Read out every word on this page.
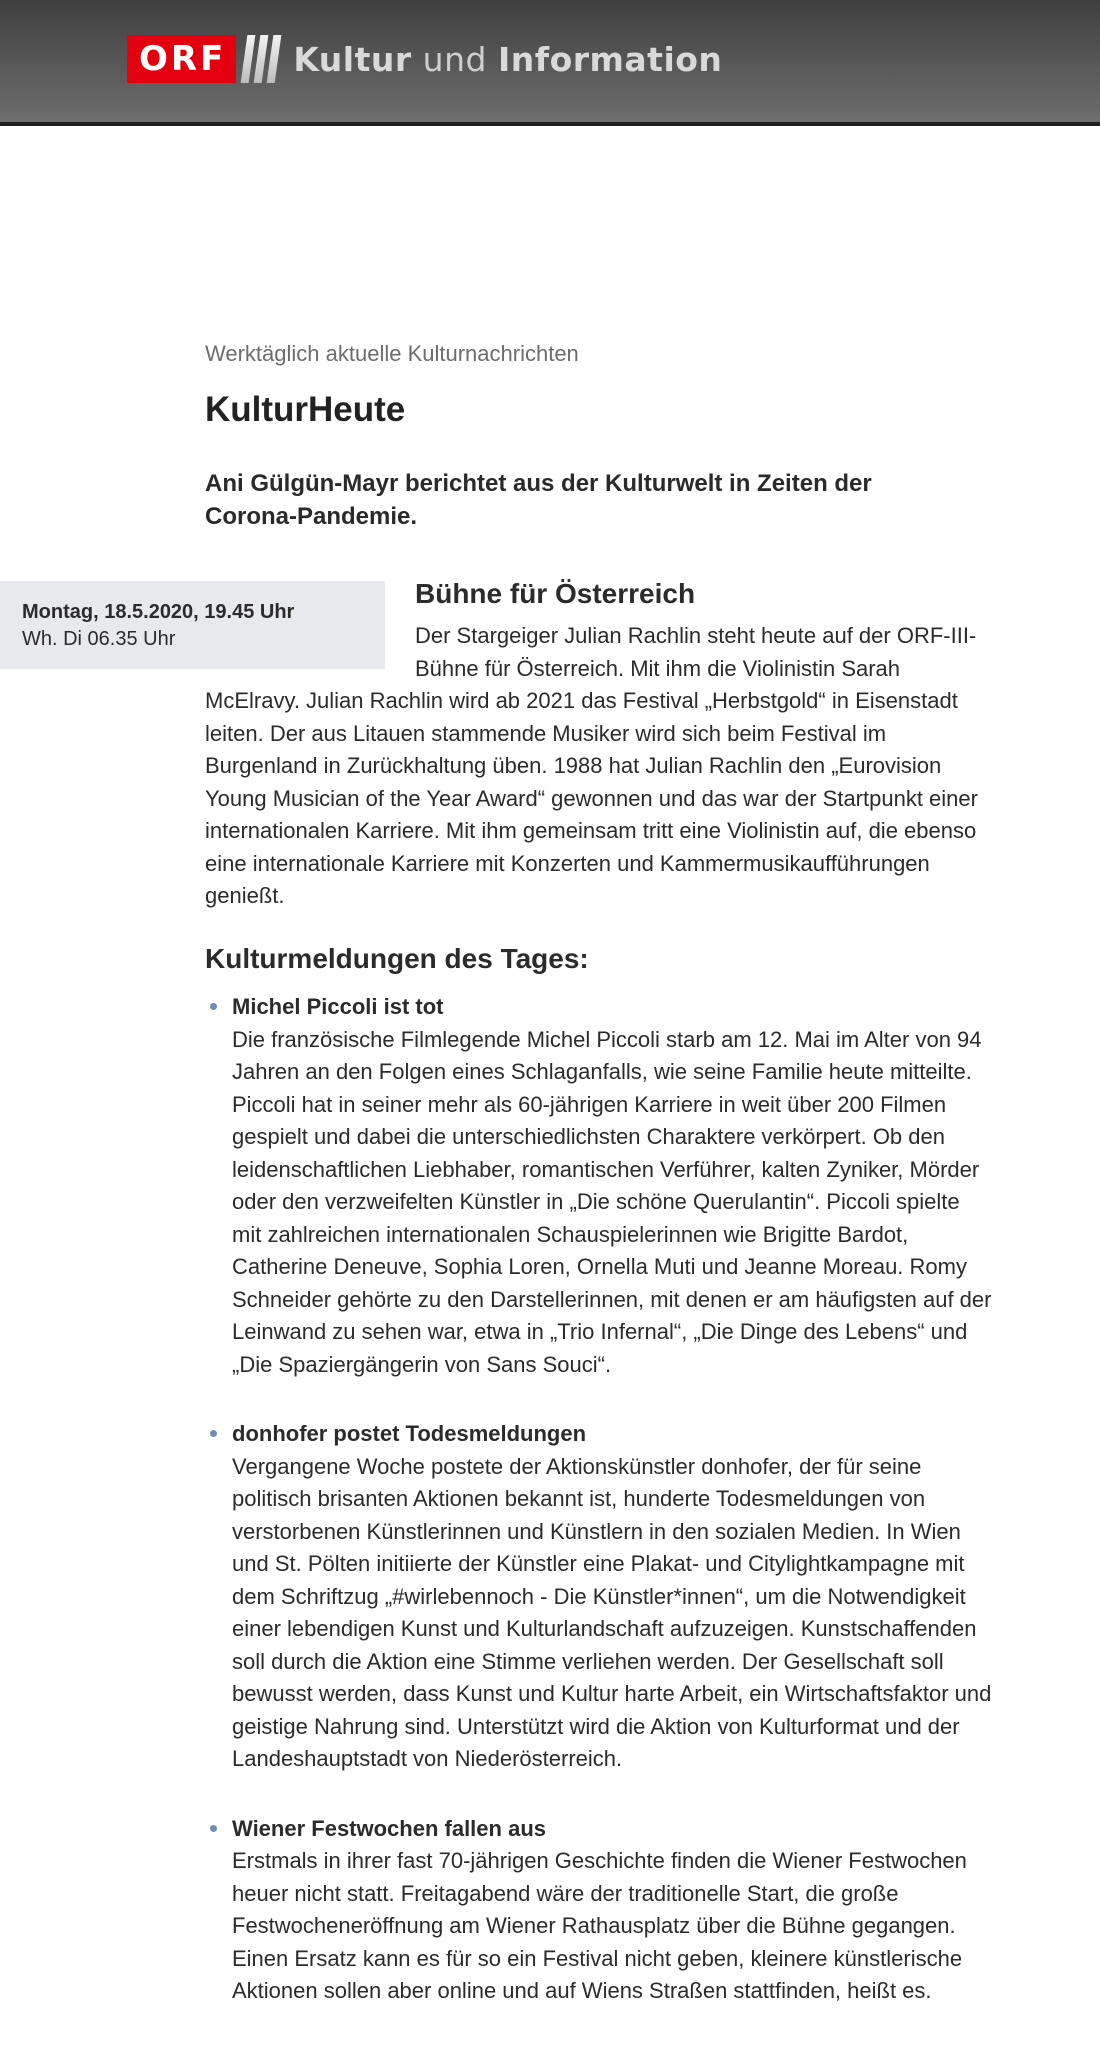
ORF	Kultur und Information
Werktäglich aktuelle Kulturnachrichten
KulturHeute

Ani Gülgün-Mayr berichtet aus der Kulturwelt in Zeiten der Corona-Pandemie.

Montag, 18.5.2020, 19.45 Uhr
Wh. Di 06.35 Uhr
Bühne für Österreich

Der Stargeiger Julian Rachlin steht heute auf der ORF-III-Bühne für Österreich. Mit ihm die Violinistin Sarah McElravy. Julian Rachlin wird ab 2021 das Festival „Herbstgold“ in Eisenstadt leiten. Der aus Litauen stammende Musiker wird sich beim Festival im Burgenland in Zurückhaltung üben. 1988 hat Julian Rachlin den „Eurovision Young Musician of the Year Award“ gewonnen und das war der Startpunkt einer internationalen Karriere. Mit ihm gemeinsam tritt eine Violinistin auf, die ebenso eine internationale Karriere mit Konzerten und Kammermusikaufführungen genießt.

Kulturmeldungen des Tages:
Michel Piccoli ist tot
Die französische Filmlegende Michel Piccoli starb am 12. Mai im Alter von 94 Jahren an den Folgen eines Schlaganfalls, wie seine Familie heute mitteilte. Piccoli hat in seiner mehr als 60-jährigen Karriere in weit über 200 Filmen gespielt und dabei die unterschiedlichsten Charaktere verkörpert. Ob den leidenschaftlichen Liebhaber, romantischen Verführer, kalten Zyniker, Mörder oder den verzweifelten Künstler in „Die schöne Querulantin“. Piccoli spielte mit zahlreichen internationalen Schauspielerinnen wie Brigitte Bardot, Catherine Deneuve, Sophia Loren, Ornella Muti und Jeanne Moreau. Romy Schneider gehörte zu den Darstellerinnen, mit denen er am häufigsten auf der Leinwand zu sehen war, etwa in „Trio Infernal“, „Die Dinge des Lebens“ und „Die Spaziergängerin von Sans Souci“.
donhofer postet Todesmeldungen
Vergangene Woche postete der Aktionskünstler donhofer, der für seine politisch brisanten Aktionen bekannt ist, hunderte Todesmeldungen von verstorbenen Künstlerinnen und Künstlern in den sozialen Medien. In Wien und St. Pölten initiierte der Künstler eine Plakat- und Citylightkampagne mit dem Schriftzug „#wirlebennoch - Die Künstler*innen“, um die Notwendigkeit einer lebendigen Kunst und Kulturlandschaft aufzuzeigen. Kunstschaffenden soll durch die Aktion eine Stimme verliehen werden. Der Gesellschaft soll bewusst werden, dass Kunst und Kultur harte Arbeit, ein Wirtschaftsfaktor und geistige Nahrung sind. Unterstützt wird die Aktion von Kulturformat und der Landeshauptstadt von Niederösterreich.
Wiener Festwochen fallen aus
Erstmals in ihrer fast 70-jährigen Geschichte finden die Wiener Festwochen heuer nicht statt. Freitagabend wäre der traditionelle Start, die große Festwocheneröffnung am Wiener Rathausplatz über die Bühne gegangen. Einen Ersatz kann es für so ein Festival nicht geben, kleinere künstlerische Aktionen sollen aber online und auf Wiens Straßen stattfinden, heißt es.
